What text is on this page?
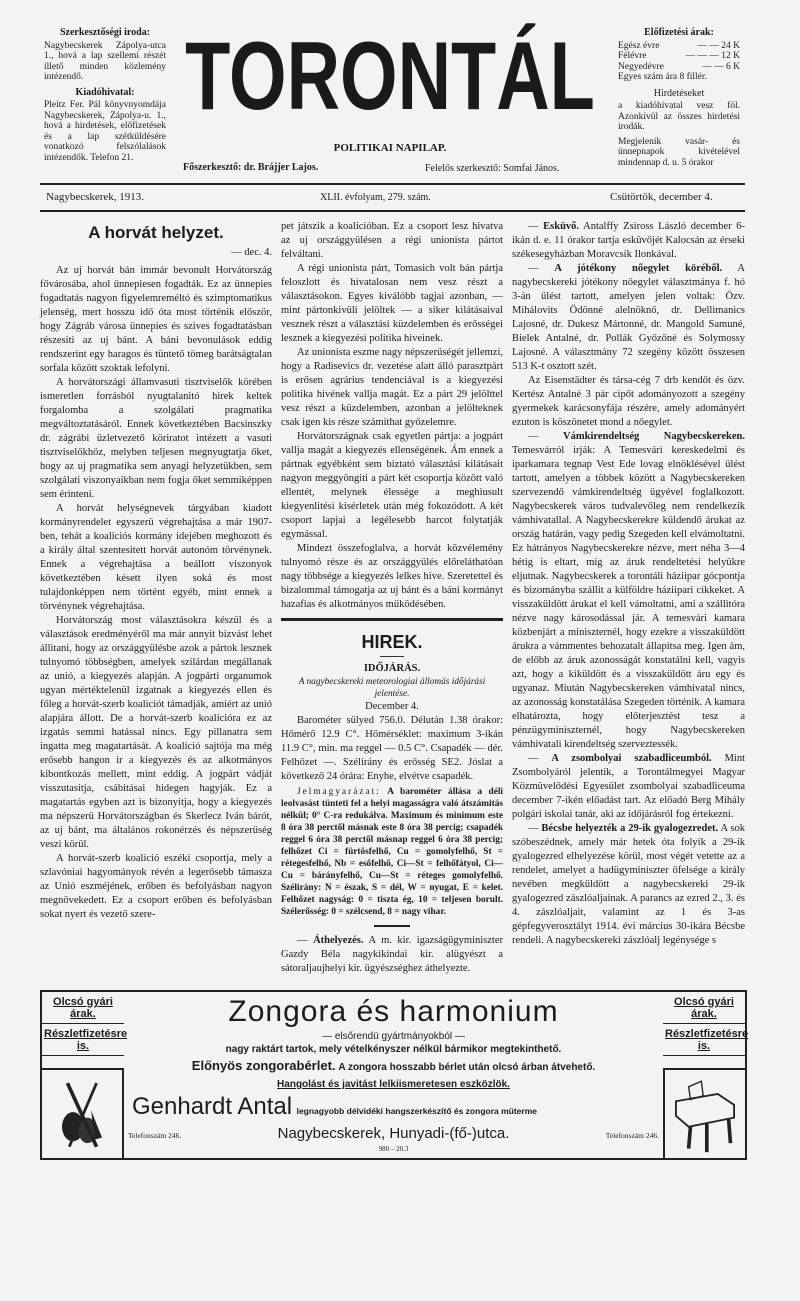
Szerkesztőségi iroda:
Nagybecskerek Zápolya-utca 1., hová a lap szellemi részét illető minden közlemény intézendő.
Kiadóhivatal:
Pleitz Fer. Pál könyvnyomdája Nagybecskerek, Zápolya-u. 1., hová a hirdetések, előfizetések és a lap szétküldésére vonatkozó felszólalások intézendők. Telefon 21.
TORONTÁL
POLITIKAI NAPILAP.
Főszerkesztő: dr. Brájjer Lajos.	Felelős szerkesztő: Somfai János.
Előfizetési árak:
Egész évre	— — 24 K
Félévre	— — — 12 K
Negyedévre	— — 6 K
Egyes szám ára 8 fillér.
Hirdetéseket
a kiadóhivatal vesz föl. Azonkívül az összes hirdetési irodák.
Megjelenik vasár- és ünnepnapok kivételével mindennap d. u. 5 órakor
Nagybecskerek, 1913.	XLII. évfolyam, 279. szám.	Csütörtök, december 4.
A horvát helyzet.
— dec. 4.

Az uj horvát bán immár bevonult Horvátország fővárosába, ahol ünnepiesen fogadták. Ez az ünnepies fogadtatás nagyon figyelemreméltó és szimptomatikus jelenség, mert hosszu idő óta most történik először, hogy Zágráb városa ünnepies és szives fogadtatásban részesiti az uj bánt. A báni bevonulások eddig rendszerint egy haragos és tüntető tömeg barátságtalan sorfala között szoktak lefolyni.

A horvátországi államvasuti tisztviselők körében ismeretlen forrásból nyugtalanitó hirek keltek forgalomba a szolgálati pragmatika megváltoztatásáról. Ennek következtében Bacsinszky dr. zágrábi üzletvezető köriratot intézett a vasuti tisztviselőkhöz, melyben teljesen megnyugtatja őket, hogy az uj pragmatika sem anyagi helyzetükben, sem szolgálati viszonyaikban nem fogja őket semmiképpen sem érinteni.

A horvát helységnevek tárgyában kiadott kormányrendelet egyszerü végrehajtása a már 1907-ben, tehát a koaliciós kormány idejében meghozott és a király által szentesitett horvát autonóm törvénynek. Ennek a végrehajtása a beállott viszonyok következtében késett ilyen soká és most tulajdonképpen nem történt egyéb, mint ennek a törvénynek végrehajtása.

Horvátország most választásokra készül és a választások eredményéről ma már annyit bizvást lehet állitani, hogy az országgyülésbe azok a pártok lesznek tulnyomó többségben, amelyek szilárdan megállanak az unió, a kiegyezés alapján. A jogpárti organumok ugyan mértéktelenül izgatnak a kiegyezés ellen és főleg a horvát-szerb koaliciót támadják, amiért az unió alapjára állott. De a horvát-szerb koalicióra ez az izgatás semmi hatással nincs. Egy pillanatra sem ingatta meg magatartását. A koalició sajtója ma még erősebb hangon ir a kiegyezés és az alkotmányos kibontkozás mellett, mint eddig. A jogpárt vádját visszutasitja, csábitásai hidegen hagyják. Ez a magatartás egyben azt is bizonyitja, hogy a kiegyezés ma népszerü Horvátországban és Skerlecz Iván bárót, az uj bánt, ma általános rokonérzés és népszerüség veszi körül.

A horvát-szerb koalició eszéki csoportja, mely a szlavóniai hagyományok révén a legerősebb támasza az Unió eszméjének, erőben és befolyásban nagyon megnövekedett. Ez a csoport erőben és befolyásban sokat nyert és vezető szere-

pet játszik a koalicióban. Ez a csoport lesz hivatva az uj országgyülésen a régi unionista pártot felváltani.

A régi unionista párt, Tomasich volt bán pártja feloszlott és hivatalosan nem vesz részt a választásokon. Egyes kiválóbb tagjai azonban, — mint pártonkivüli jelöltek — a siker kilátásaival vesznek részt a választási küzdelemben és erősségei lesznek a kiegyezési politika hiveinek.

Az unionista eszme nagy népszerüségét jellemzi, hogy a Radisevics dr. vezetése alatt álló parasztpárt is erősen agrárius tendenciával is a kiegyezési politika hivének vallja magát. Ez a párt 29 jelölttel vesz részt a küzdelemben, azonban a jelölteknek csak igen kis része számithat győzelemre.

Horvátországnak csak egyetlen pártja: a jogpárt vallja magát a kiegyezés ellenségének. Ám ennek a pártnak egyébként sem biztató választási kilátásait nagyon meggyöngiti a párt két csoportja között való ellentét, melynek élessége a meghiusult kiegyenlitési kisérletek után még fokozódott. A két csoport lapjai a legélesebb harcot folytatják egymással.

Mindezt összefoglalva, a horvát közvélemény tulnyomó része és az országgyülés előreláthatóan nagy többsége a kiegyezés lelkes hive. Szeretettel és bizalommal támogatja az uj bánt és a báni kormányt hazafias és alkotmányos müködésében.

HIREK.
IDŐJÁRÁS.
A nagybecskereki meteorologiai állomás időjárási jelentése.
December 4.

Barométer sülyed 756.0. Délután 1.38 órakor: Hőmérő 12.9 C°. Hőmérséklet: maximum 3-ikán 11.9 C°, min. ma reggel — 0.5 C°. Csapadék — dér. Felhőzet —. Szélirány és erősség SE2. Jóslat a következő 24 órára: Enyhe, elvétve csapadék.

Jelmagyarázat: A barométer állása a déli leolvasást tünteti fel a helyi magasságra való átszámitás nélkül; 0° C-ra redukálva. Maximum és minimum este 8 óra 38 perctől másnak este 8 óra 38 percig; csapadék reggel 6 óra 38 perctől másnap reggel 6 óra 38 percig; felhőzet Ci = fürtösfelhő, Cu = gomolyfelhő, St = rétegesfelhő, Nb = esőfelhő, Ci—St = felhőfátyol, Ci—Cu = bárányfelhő, Cu—St = réteges gomolyfelhő. Szélirány: N = észak, S = dél, W = nyugat, E = kelet. Felhőzet nagyság: 0 = tiszta ég, 10 = teljesen borult. Szélerősség: 0 = szélcsend, 8 = nagy vihar.

— Áthelyezés. A m. kir. igazságügyminiszter Gazdy Béla nagykikindai kir. alügyészt a sátoraljaujhelyi kir. ügyészséghez áthelyezte.

— Esküvő. Antalffy Zsiross László december 6-ikán d. e. 11 órakor tartja esküvőjét Kalocsán az érseki székesegyházban Moravcsik Ilonkával.

— A jótékony nőegylet köréből. A nagybecskereki jótékony nőegylet választmánya f. hó 3-án ülést tartott, amelyen jelen voltak: Özv. Mihálovits Ödönné alelnöknő, dr. Dellimanics Lajosné, dr. Dukesz Mártonné, dr. Mangold Samuné, Bielek Antalné, dr. Pollák Győzőné és Solymossy Lajosné. A választmány 72 szegény között összesen 513 K-t osztott szét.

Az Eisenstädter és társa-cég 7 drb kendőt és özv. Kertész Antalné 3 pár cipőt adományozott a szegény gyermekek karácsonyfája részére, amely adományért ezuton is köszönetet mond a nőegylet.

— Vámkirendeltség Nagybecskereken. Temesvárról irják: A Temesvári kereskedelmi és iparkamara tegnap Vest Ede lovag elnöklésével ülést tartott, amelyen a többek között a Nagybecskereken szervezendő vámkirendeltség ügyével foglalkozott. Nagybecskerek város tudvalevőleg nem rendelkezik vámhivatallal. A Nagybecskerekre küldendő árukat az ország határán, vagy pedig Szegeden kell elvámoltatni. Ez hátrányos Nagybecskerekre nézve, mert néha 3—4 hétig is eltart, mig az áruk rendeltetési helyükre eljutnak. Nagybecskerek a torontáli háziipar gócpontja és bizományba szállit a külföldre háziipari cikkeket. A visszaküldött árukat el kell vámoltatni, ami a szállitóra nézve nagy károsodással jár. A temesvári kamara közbenjárt a miniszternél, hogy ezekre a visszaküldött árukra a vámmentes behozatalt állapitsa meg. Igen ám, de előbb az áruk azonosságát konstatálni kell, vagyis azt, hogy a kiküldött és a visszaküldött áru egy és ugyanaz. Miután Nagybecskereken vámhivatal nincs, az azonosság konstatálása Szegeden történik. A kamara elhatározta, hogy előterjesztést tesz a pénzügyminiszternél, hogy Nagybecskereken vámhivatali kirendeltség szerveztessék.

— A zsombolyai szabadliceumból. Mint Zsombolyáról jelentik, a Torontálmegyei Magyar Közmüvelődési Egyesület zsombolyai szabadliceuma december 7-ikén előadást tart. Az előadó Berg Mihály polgári iskolai tanár, aki az időjárásról fog értekezni.

— Bécsbe helyezték a 29-ik gyalogezredet. A sok szóbeszédnek, amely már hetek óta folyik a 29-ik gyalogezred elhelyezése körül, most végét vetette az a rendelet, amelyet a hadügyminiszter őfelsége a király nevében megküldött a nagybecskereki 29-ik gyalogezred zászlóaljainak. A parancs az ezred 2., 3. és 4. zászlóaljait, valamint az 1 és 3-as gépfegyverosztályt 1914. évi március 30-ikára Bécsbe rendeli. A nagybecskereki zászlóalj legénysége s

Olcsó gyári árak.
Részletfizetésre is.
Zongora és harmonium
— elsőrendü gyártmányokból —
nagy raktárt tartok, mely vételkényszer nélkül bármikor megtekinthető.
Előnyös zongorabérlet. A zongora hosszabb bérlet után olcsó árban átvehető.
Hangolást és javitást lelkiismeretesen eszközlök.
Genhardt Antal legnagyobb délvidéki hangszerkészitő és zongora müterme
Telefonszám 246.	Nagybecskerek, Hunyadi-(fő-)utca.	Telefonszám 246.
980 – 20.3
Olcsó gyári árak.
Részletfizetésre is.
